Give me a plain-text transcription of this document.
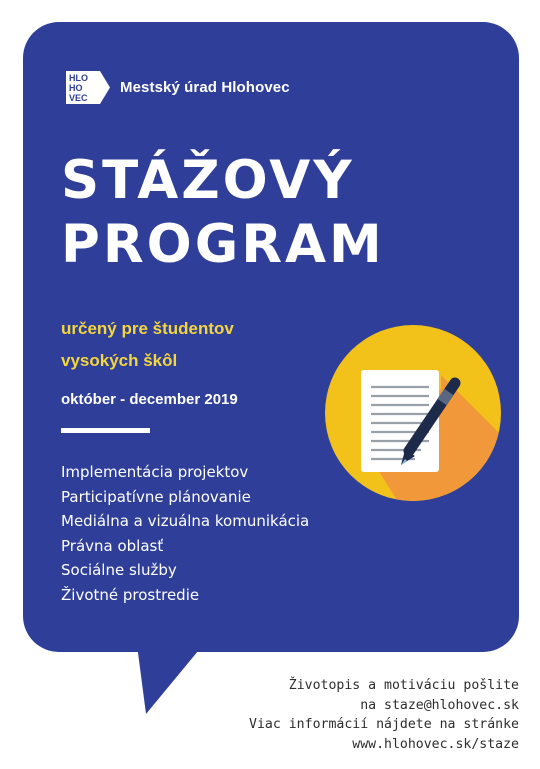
HLO
HO
VEC
Mestský úrad Hlohovec
STÁŽOVÝ
PROGRAM
určený pre študentov
vysokých škôl
október - december 2019
Implementácia projektov
Participatívne plánovanie
Mediálna a vizuálna komunikácia
Právna oblasť
Sociálne služby
Životné prostredie
Životopis a motiváciu pošlite
na staze@hlohovec.sk
Viac informácií nájdete na stránke
www.hlohovec.sk/staze
